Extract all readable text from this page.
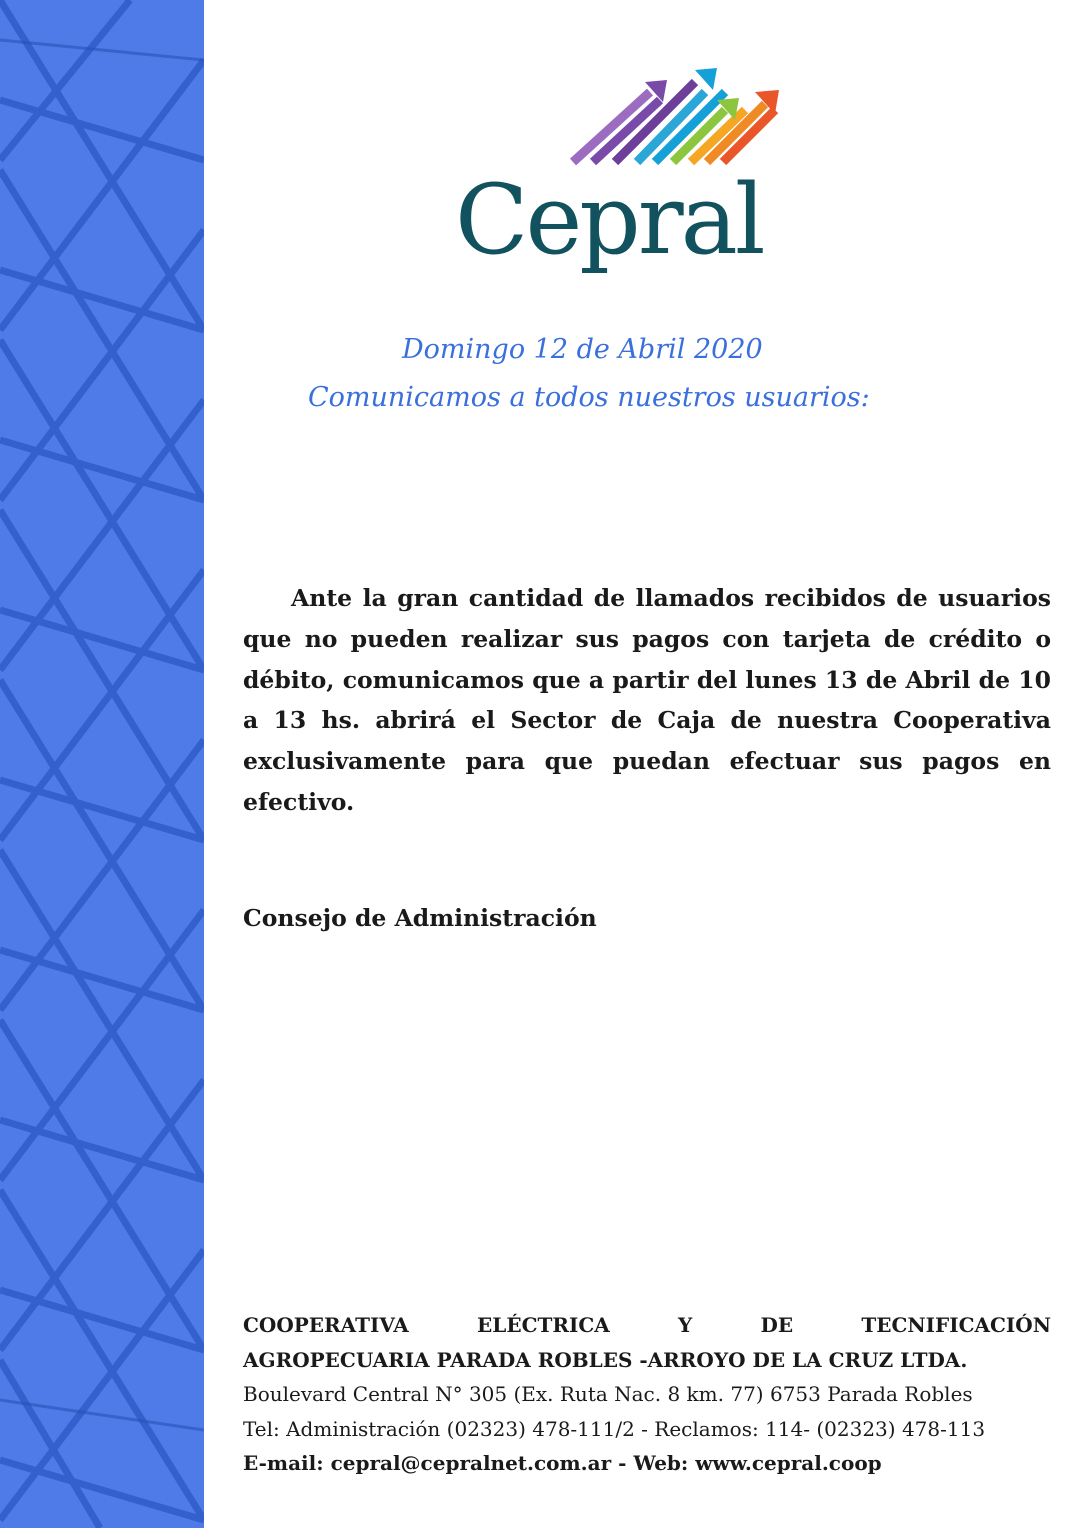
Cepral
Domingo 12 de Abril 2020
Comunicamos a todos nuestros usuarios:

Ante la gran cantidad de llamados recibidos de usuarios que no pueden realizar sus pagos con tarjeta de crédito o débito, comunicamos que a partir del lunes 13 de Abril de 10 a 13 hs. abrirá el Sector de Caja de nuestra Cooperativa exclusivamente para que puedan efectuar sus pagos en efectivo.

Consejo de Administración
COOPERATIVA	ELÉCTRICA	Y	DE	TECNIFICACIÓN
AGROPECUARIA PARADA ROBLES -ARROYO DE LA CRUZ LTDA.
Boulevard Central N° 305 (Ex. Ruta Nac. 8 km. 77) 6753 Parada Robles
Tel: Administración (02323) 478-111/2 - Reclamos: 114- (02323) 478-113
E-mail: cepral@cepralnet.com.ar - Web: www.cepral.coop
